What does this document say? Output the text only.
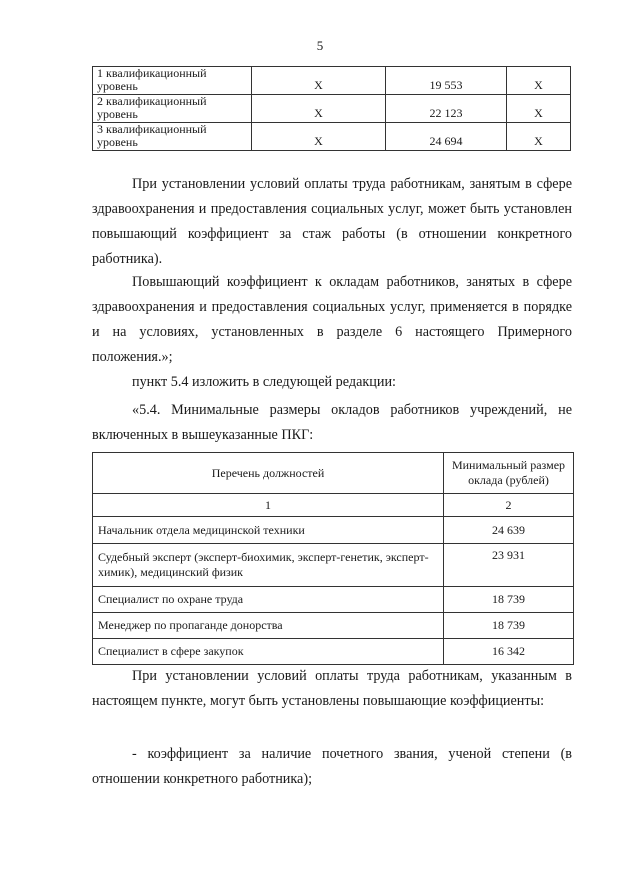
5
1 квалификационный уровень	X	19 553	X
2 квалификационный уровень	X	22 123	X
3 квалификационный уровень	X	24 694	X

При установлении условий оплаты труда работникам, занятым в сфере здравоохранения и предоставления социальных услуг, может быть установлен повышающий коэффициент за стаж работы (в отношении конкретного работника).

Повышающий коэффициент к окладам работников, занятых в сфере здравоохранения и предоставления социальных услуг, применяется в порядке и на условиях, установленных в разделе 6 настоящего Примерного положения.»;

пункт 5.4 изложить в следующей редакции:

«5.4. Минимальные размеры окладов работников учреждений, не включенных в вышеуказанные ПКГ:

Перечень должностей	Минимальный размер оклада (рублей)
1	2
Начальник отдела медицинской техники	24 639
Судебный эксперт (эксперт-биохимик, эксперт-генетик, эксперт-химик), медицинский физик	23 931
Специалист по охране труда	18 739
Менеджер по пропаганде донорства	18 739
Специалист в сфере закупок	16 342

При установлении условий оплаты труда работникам, указанным в настоящем пункте, могут быть установлены повышающие коэффициенты:

- коэффициент за наличие почетного звания, ученой степени (в отношении конкретного работника);
